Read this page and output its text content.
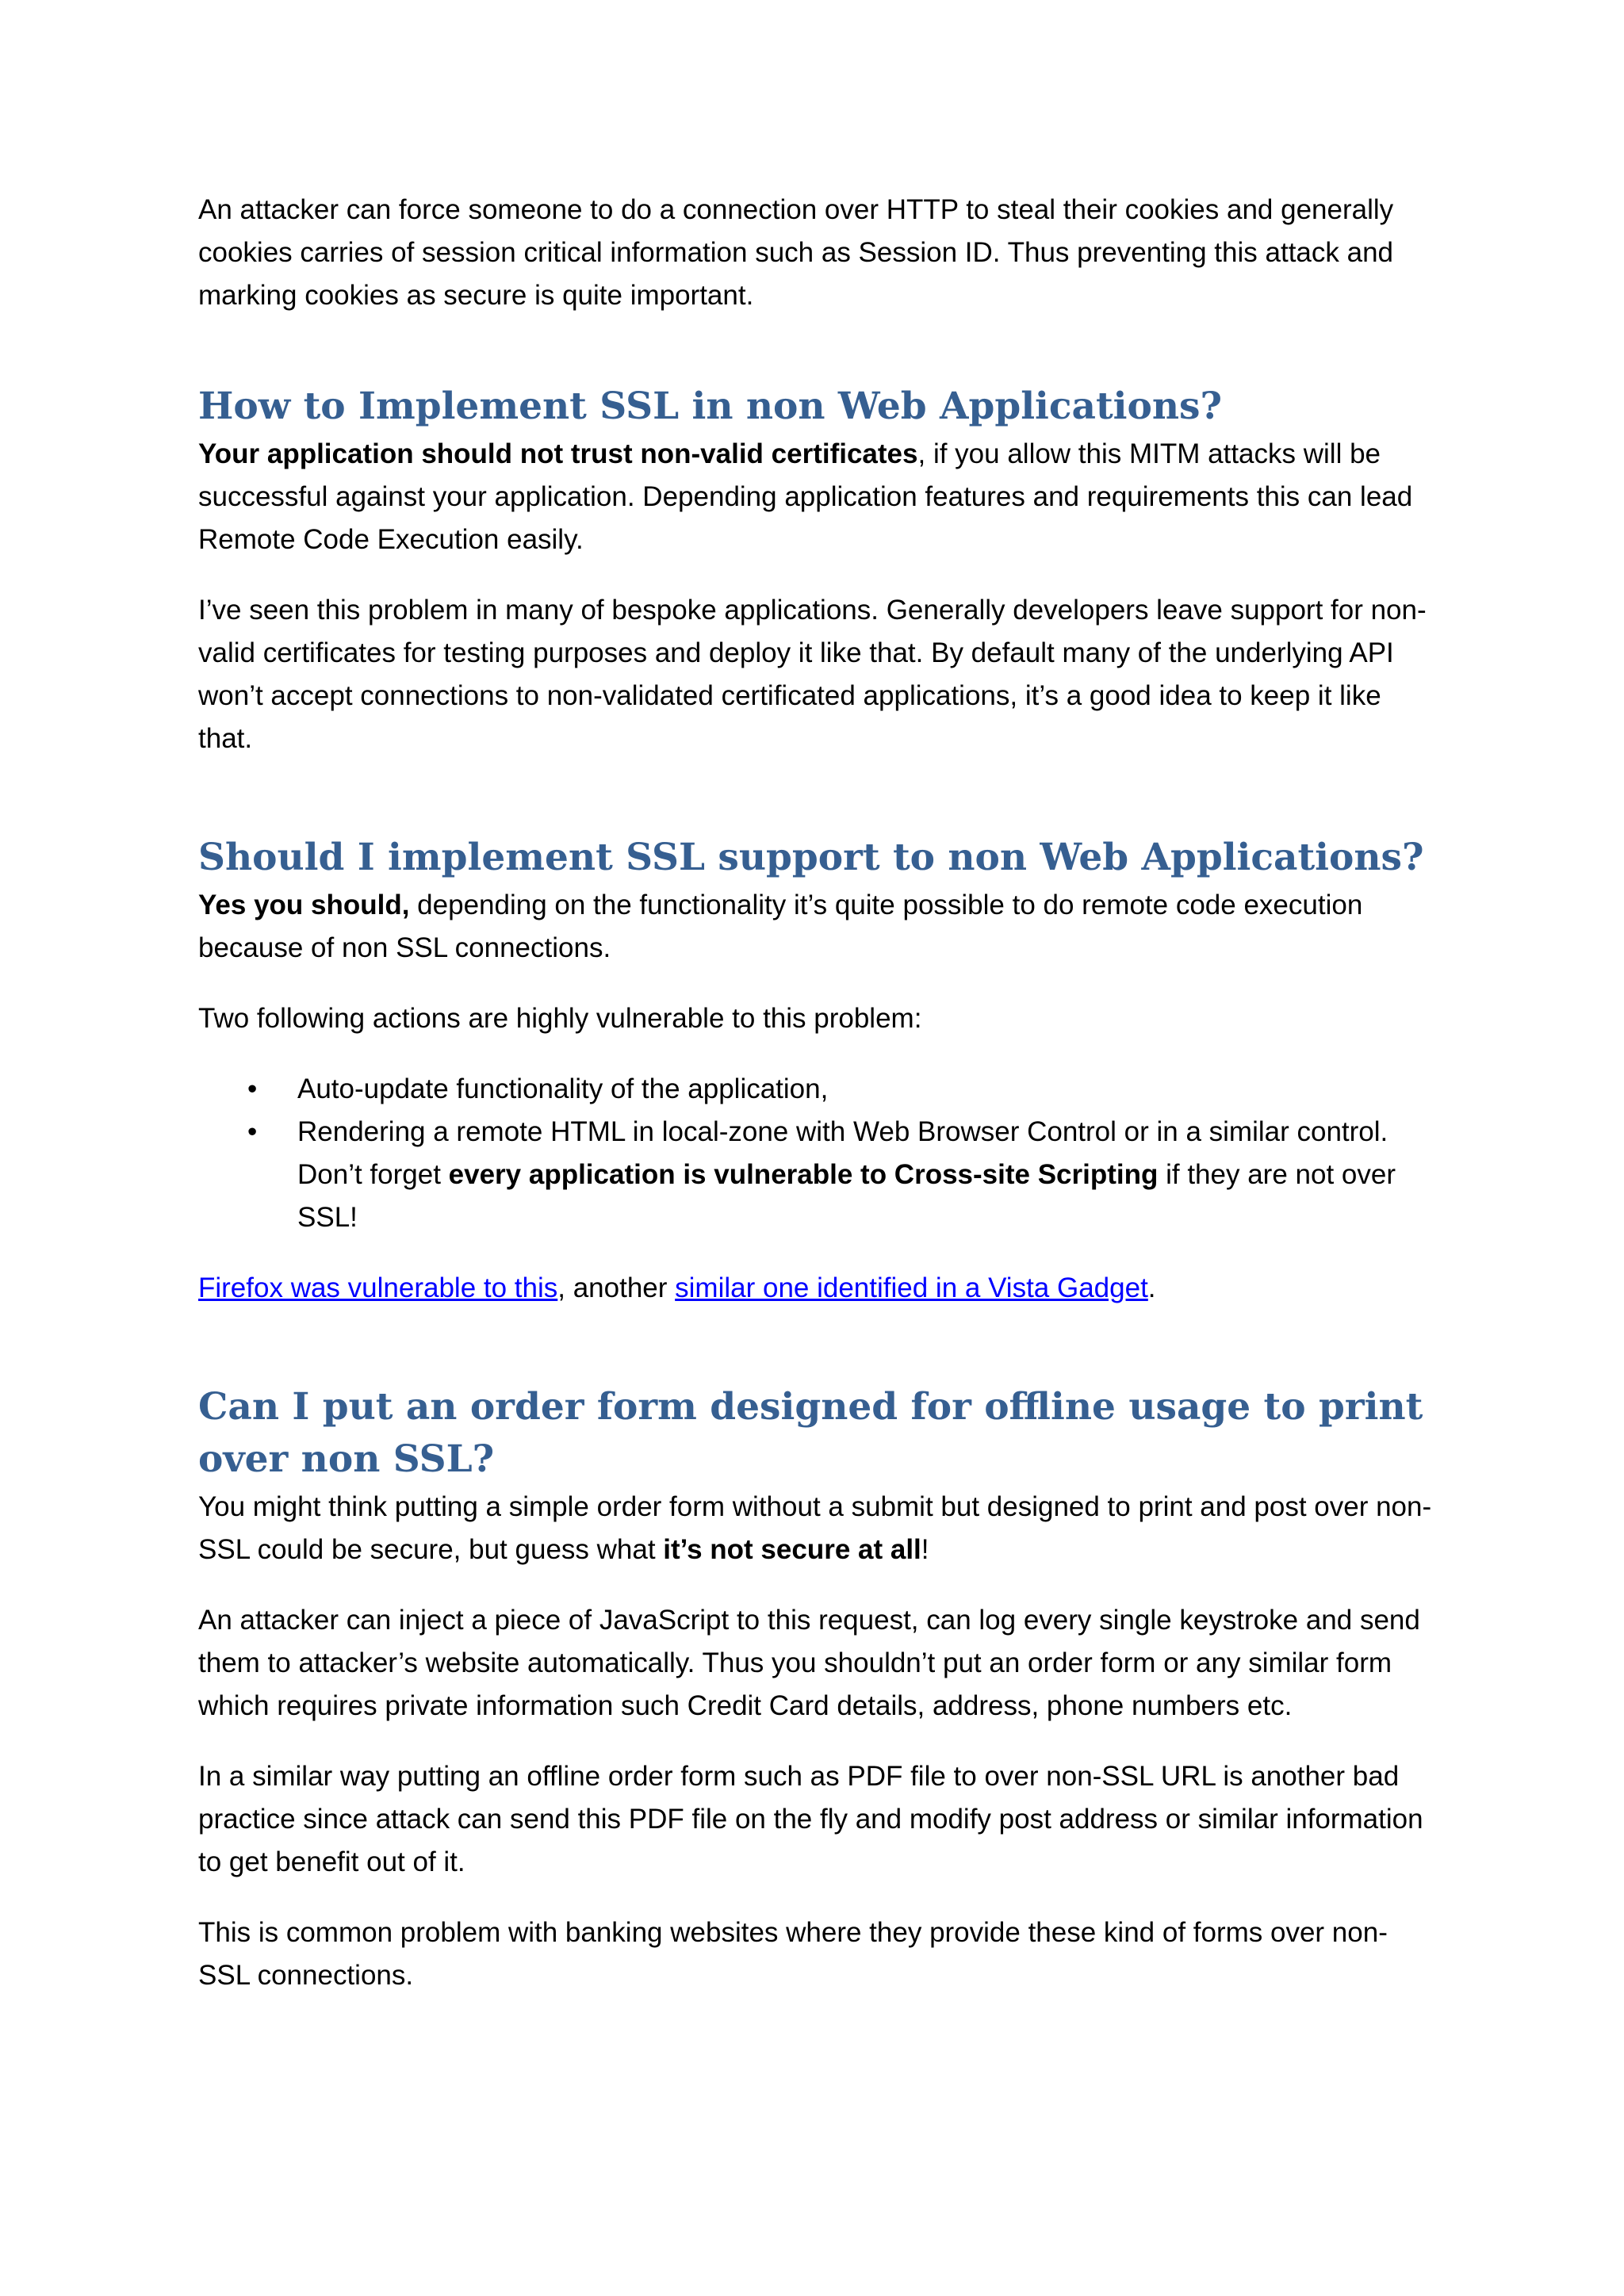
An attacker can force someone to do a connection over HTTP to steal their cookies and generally cookies carries of session critical information such as Session ID. Thus preventing this attack and marking cookies as secure is quite important.

How to Implement SSL in non Web Applications?

Your application should not trust non-valid certificates, if you allow this MITM attacks will be successful against your application. Depending application features and requirements this can lead Remote Code Execution easily.

I’ve seen this problem in many of bespoke applications. Generally developers leave support for non-valid certificates for testing purposes and deploy it like that. By default many of the underlying API won’t accept connections to non-validated certificated applications, it’s a good idea to keep it like that.

Should I implement SSL support to non Web Applications?

Yes you should, depending on the functionality it’s quite possible to do remote code execution because of non SSL connections.

Two following actions are highly vulnerable to this problem:

• Auto-update functionality of the application,
• Rendering a remote HTML in local-zone with Web Browser Control or in a similar control. Don’t forget every application is vulnerable to Cross-site Scripting if they are not over SSL!

Firefox was vulnerable to this, another similar one identified in a Vista Gadget.

Can I put an order form designed for offline usage to print over non SSL?

You might think putting a simple order form without a submit but designed to print and post over non-SSL could be secure, but guess what it’s not secure at all!

An attacker can inject a piece of JavaScript to this request, can log every single keystroke and send them to attacker’s website automatically. Thus you shouldn’t put an order form or any similar form which requires private information such Credit Card details, address, phone numbers etc.

In a similar way putting an offline order form such as PDF file to over non-SSL URL is another bad practice since attack can send this PDF file on the fly and modify post address or similar information to get benefit out of it.

This is common problem with banking websites where they provide these kind of forms over non-SSL connections.
